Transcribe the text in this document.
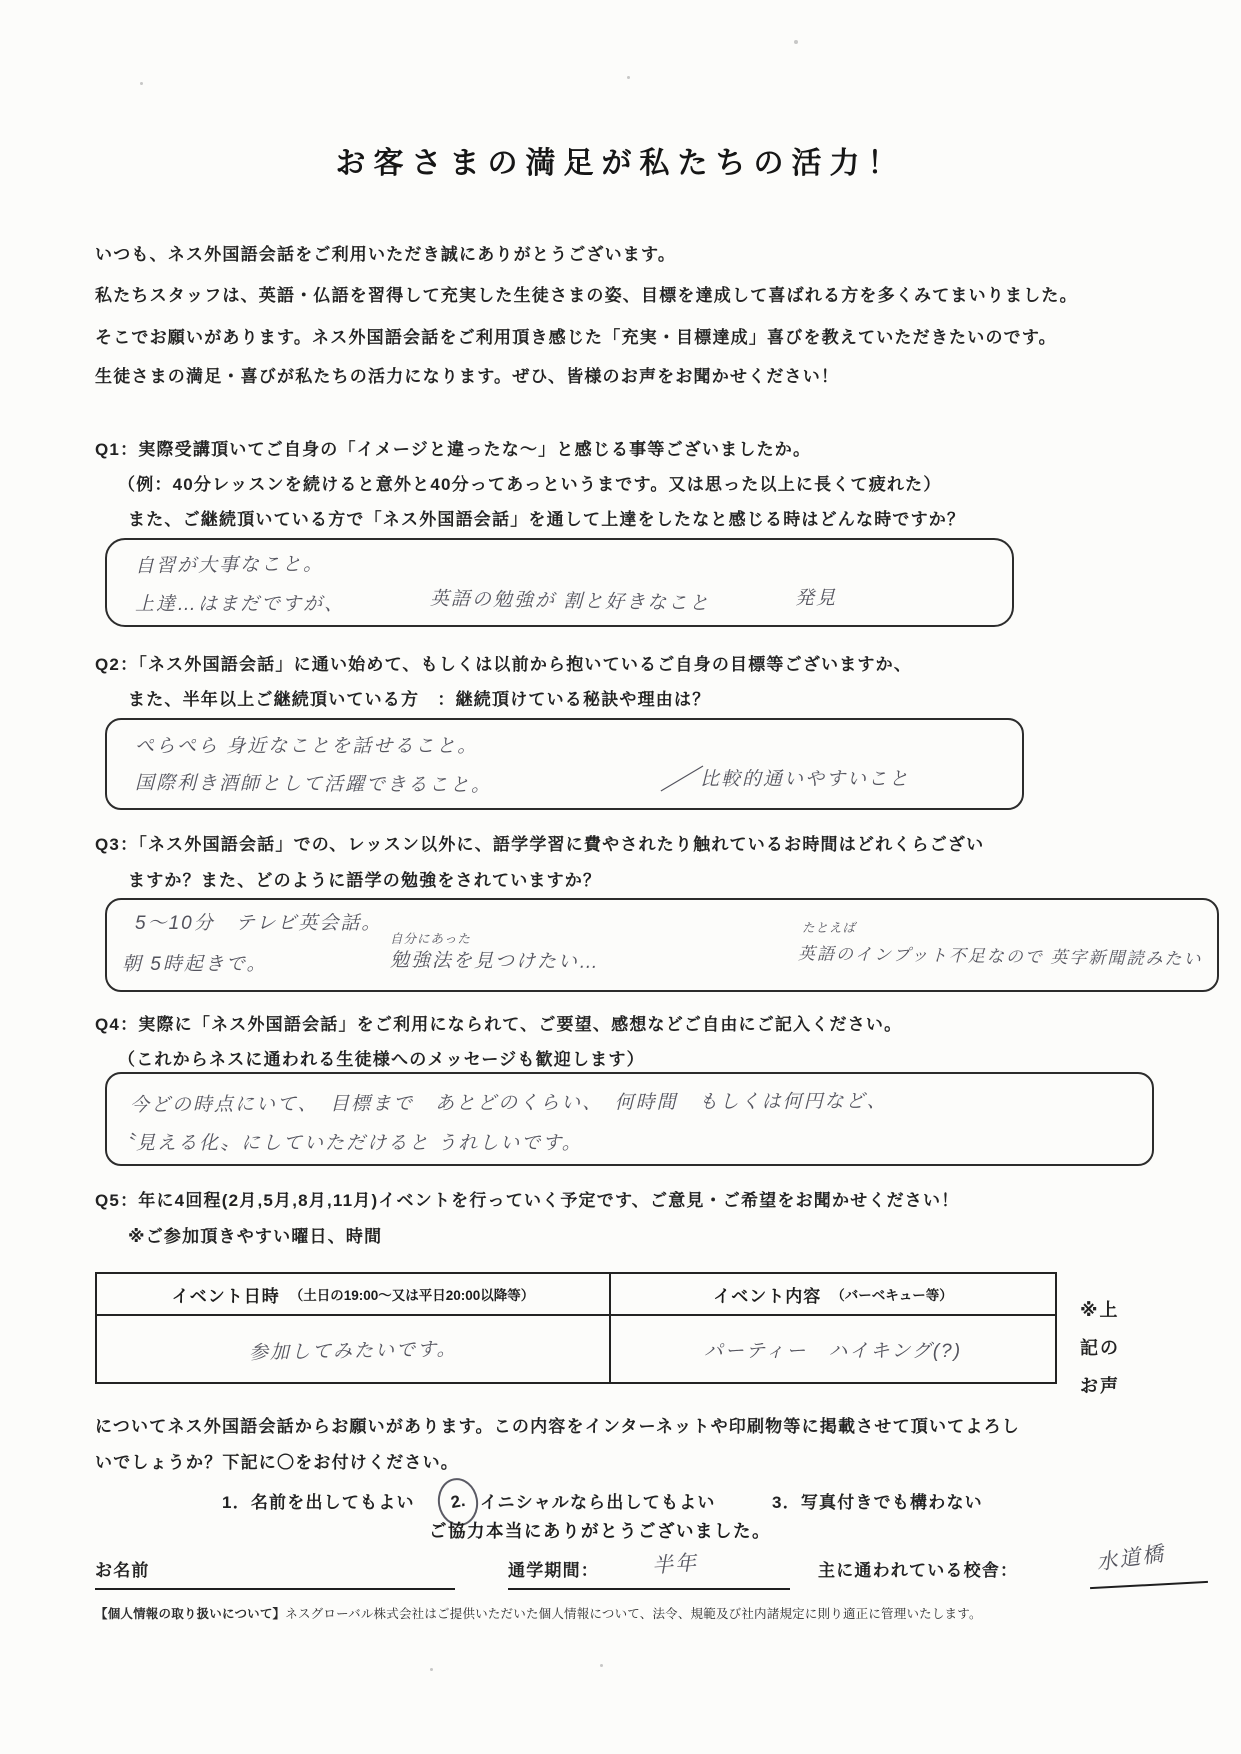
お客さまの満足が私たちの活力！
いつも、ネス外国語会話をご利用いただき誠にありがとうございます。
私たちスタッフは、英語・仏語を習得して充実した生徒さまの姿、目標を達成して喜ばれる方を多くみてまいりました。
そこでお願いがあります。ネス外国語会話をご利用頂き感じた「充実・目標達成」喜びを教えていただきたいのです。
生徒さまの満足・喜びが私たちの活力になります。ぜひ、皆様のお声をお聞かせください！
Q1：実際受講頂いてご自身の「イメージと違ったな～」と感じる事等ございましたか。
（例：40分レッスンを続けると意外と40分ってあっというまです。又は思った以上に長くて疲れた）
また、ご継続頂いている方で「ネス外国語会話」を通して上達をしたなと感じる時はどんな時ですか？
自習が大事なこと。
上達…はまだですが、	英語の勉強が 割と好きなこと	発見
Q2：「ネス外国語会話」に通い始めて、もしくは以前から抱いているご自身の目標等ございますか、
また、半年以上ご継続頂いている方　：継続頂けている秘訣や理由は？
ぺらぺら 身近なことを話せること。
国際利き酒師として活躍できること。	／ 比較的通いやすいこと
Q3：「ネス外国語会話」での、レッスン以外に、語学学習に費やされたり触れているお時間はどれくらござい
ますか？また、どのように語学の勉強をされていますか？
5～10分　テレビ英会話。	たとえば
自分にあった
朝 5時起きで。	勉強法を見つけたい…	英語のインプット不足なので 英字新聞読みたい
Q4：実際に「ネス外国語会話」をご利用になられて、ご要望、感想などご自由にご記入ください。
（これからネスに通われる生徒様へのメッセージも歓迎します）
今どの時点にいて、　目標まで　あとどのくらい、　何時間　もしくは何円など、
〝見える化〟にしていただけると うれしいです。
Q5：年に4回程(2月,5月,8月,11月)イベントを行っていく予定です、ご意見・ご希望をお聞かせください！
※ご参加頂きやすい曜日、時間
イベント日時 （土日の19:00～又は平日20:00以降等）	イベント内容 （バーベキュー等）
参加してみたいです。	パーティー　ハイキング(?)
※上
記の
お声
についてネス外国語会話からお願いがあります。この内容をインターネットや印刷物等に掲載させて頂いてよろし
いでしょうか？下記に〇をお付けください。
1．名前を出してもよい	2. イニシャルなら出してもよい	3．写真付きでも構わない
ご協力本当にありがとうございました。
お名前	通学期間： 半年	主に通われている校舎：	水道橋
【個人情報の取り扱いについて】ネスグローバル株式会社はご提供いただいた個人情報について、法令、規範及び社内諸規定に則り適正に管理いたします。
